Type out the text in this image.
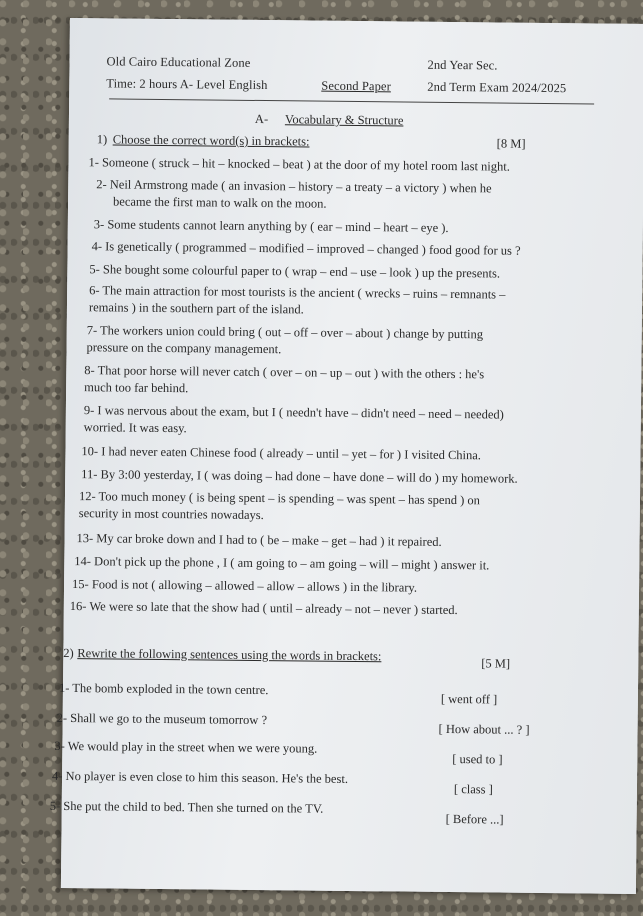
Old Cairo Educational Zone	2nd Year Sec.
Time: 2 hours A- Level English	Second Paper	2nd Term Exam 2024/2025
A- Vocabulary & Structure
1) Choose the correct word(s) in brackets:	[8 M]
1- Someone ( struck – hit – knocked – beat ) at the door of my hotel room last night.
2- Neil Armstrong made ( an invasion – history – a treaty – a victory ) when he
became the first man to walk on the moon.
3- Some students cannot learn anything by ( ear – mind – heart – eye ).
4- Is genetically ( programmed – modified – improved – changed ) food good for us ?
5- She bought some colourful paper to ( wrap – end – use – look ) up the presents.
6- The main attraction for most tourists is the ancient ( wrecks – ruins – remnants –
remains ) in the southern part of the island.
7- The workers union could bring ( out – off – over – about ) change by putting
pressure on the company management.
8- That poor horse will never catch ( over – on – up – out ) with the others : he's
much too far behind.
9- I was nervous about the exam, but I ( needn't have – didn't need – need – needed)
worried. It was easy.
10- I had never eaten Chinese food ( already – until – yet – for ) I visited China.
11- By 3:00 yesterday, I ( was doing – had done – have done – will do ) my homework.
12- Too much money ( is being spent – is spending – was spent – has spend ) on
security in most countries nowadays.
13- My car broke down and I had to ( be – make – get – had ) it repaired.
14- Don't pick up the phone , I ( am going to – am going – will – might ) answer it.
15- Food is not ( allowing – allowed – allow – allows ) in the library.
16- We were so late that the show had ( until – already – not – never ) started.
2) Rewrite the following sentences using the words in brackets:
[5 M]
1- The bomb exploded in the town centre.
[ went off ]
2- Shall we go to the museum tomorrow ?
[ How about ... ? ]
3- We would play in the street when we were young.
[ used to ]
4- No player is even close to him this season. He's the best.
[ class ]
5- She put the child to bed. Then she turned on the TV.
[ Before ...]
